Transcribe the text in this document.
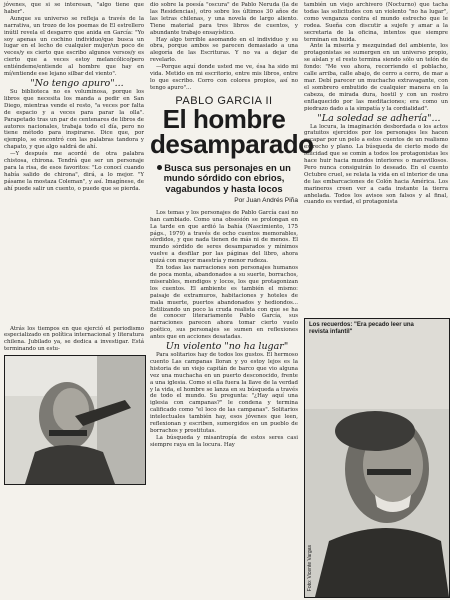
jóvenes, que si se interesan, "algo tiene que haber".

Aunque su universo se refleja a través de la narrativa, un trozo de los poemas de El estrellero inútil revela el desgarro que anida en García: "Yo soy apenas un cochino individuo/que busca un lugar en el lecho de cualquier mujer/un poco de veces/y es cierto que escribo algunos versos/y es cierto que a veces estoy melancólico/pero entiéndeme/entiende al hombre que hay en mí/entiende ese lejano silbar del viento".

"No tengo apuro"...

Su biblioteca no es voluminosa, porque los libros que necesita los manda a pedir en San Diego, mientras vende el resto, "a veces por falta de espacio y a veces para parar la olla". Parapetado tras un par de centenares de libros de autores nacionales, trabaja todo el día, pero no tiene método para inspirarse. Dice que, por ejemplo, se encontró con las palabras tandora y chapato, y que algo saldrá de ahí.

—Y después me acordé de otra palabra chistosa, chirona. Tendrá que ser un personaje para la risa, de esos favoritos: "Lo conocí cuando había salido de chirona", dirá, a lo mejor. "Y pásame la mostaza Coleman", y así. Imagínese, de ahí puede salir un cuento, o puede que se pierda.

Atrás los tiempos en que ejerció el periodismo especializado en política internacional y literatura chilena. Jubilado ya, se dedica a investigar. Está terminando un estu-

dio sobre la poesía "oscura" de Pablo Neruda (la de las Residencias), otro sobre los últimos 30 años de las letras chilenas, y una novela de largo aliento. Tiene material para tres libros de cuentos, y abundante trabajo ensayístico.

Hay algo terrible asomando en el individuo y su obra, porque ambos se parecen demasiado a una alegoría de las Escrituras. Y no va a dejar de revelarlo.

—Porque aquí donde usted me ve, ésa ha sido mi vida. Metido en mi escritorio, entre mis libros, entre lo que escribo. Corro con colores propios, así no tengo apuro"...

PABLO GARCIA II
El hombre desamparado
Busca sus personajes en un mundo sórdido con ebrios, vagabundos y hasta locos
Por Juan Andrés Piña

Los temas y los personajes de Pablo García casi no han cambiado. Como una obsesión se prolongan en La tarde en que ardió la bahía (Nascimiento, 175 págs., 1979) a través de ocho cuentos memorables, sórdidos, y que nada tienen de más ni de menos. El mundo sórdido de seres desamparados y mínimos vuelve a desfilar por las páginas del libro, ahora quizá con mayor maestría y menor rudeza.

En todas las narraciones son personajes humanos de poca monta, abandonados a su suerte, borrachos, miserables, mendigos y locos, los que protagonizan los cuentos. El ambiente es también el mismo: paisaje de extramuros, habitaciones y hoteles de mala muerte, puertos abandonados y hediondos... Estilizando un poco la cruda realista con que se ha de conocer literariamente Pablo García, sus narraciones parecen ahora tomar cierto vuelo poético, sus personajes se sumen en reflexiones antes que en acciones desatadas.

Un violento "no ha lugar"

Para solitarios hay de todos los gustos. El hermoso cuento Las campanas lloran y yo estoy lejos es la historia de un viejo capitán de barco que vio alguna vez una muchacha en un puerto desconocido, frente a una iglesia. Como si ella fuera la llave de la verdad y la vida, el hombre se lanza en su búsqueda a través de todo el mundo. Su pregunta: "¿Hay aquí una iglesia con campanas?" le condena y termina calificado como "el loco de las campanas". Solitarios intelectuales también hay, esos jóvenes que leen, reflexionan y escriben, sumergidos en un pueblo de borrachos y prostitutas.

La búsqueda y misantropía de estos seres casi siempre raya en la locura. Hay

también un viejo archivero (Nocturno) que tacha todas las solicitudes con un violento "no ha lugar", como venganza contra el mundo estrecho que le rodea. Sueña con discutir a sujefe y amar a la secretaria de la oficina, intentos que siempre terminan en huida.

Ante la miseria y mezquindad del ambiente, los protagonistas se sumergen en un universo propio, se aíslan y el resto termina siendo sólo un telón de fondo: "Me veo ahora, recorriendo el poblacho, calle arriba, calle abajo, de cerro a cerro, de mar a mar. Debí parecer un muchacho extravagante, con el sombrero embutido de cualquier manera en la cabeza, de mirada dura, hostil y con un rostro enflaquecido por las meditaciones; era como un piedrazo dado a la simpatía y la cordialidad".

"La soledad se adhería"...

La locura, la imaginación desbordada o los actos gratuitos ejercidos por los personajes les hacen escapar por un pelo a estos cuentos de un realismo extrecho y plano. La búsqueda de cierto modo de felicidad que se comin a todos los protagonistas les hace huir hacia mundos interiores o maravillosos. Pero nunca consiguirán lo deseado. En el cuento Octubre cruel, se relata la vida en el interior de una de las embarcaciones de Colón hacia América. Los marineros creen ver a cada instante la tierra anhelada. Todos los avisos son falsos y al final, cuando es verdad, el protagonista

Los recuerdos: "Era pecado leer una revista infantil"
Foto: Vicente Vargas
